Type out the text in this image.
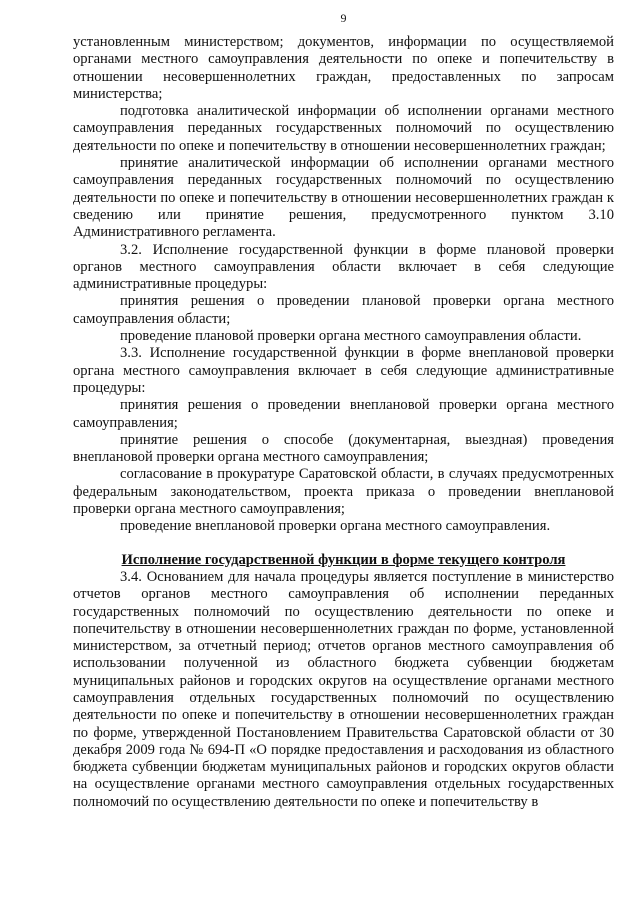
9

установленным министерством; документов, информации по осуществляемой органами местного самоуправления деятельности по опеке и попечительству в отношении несовершеннолетних граждан, предоставленных по запросам министерства;

подготовка аналитической информации об исполнении органами местного самоуправления переданных государственных полномочий по осуществлению деятельности по опеке и попечительству в отношении несовершеннолетних граждан;

принятие аналитической информации об исполнении органами местного самоуправления переданных государственных полномочий по осуществлению деятельности по опеке и попечительству в отношении несовершеннолетних граждан к сведению или принятие решения, предусмотренного пунктом 3.10 Административного регламента.

3.2. Исполнение государственной функции в форме плановой проверки органов местного самоуправления области включает в себя следующие административные процедуры:

принятия решения о проведении плановой проверки органа местного самоуправления области;

проведение плановой проверки органа местного самоуправления области.

3.3. Исполнение государственной функции в форме внеплановой проверки органа местного самоуправления включает в себя следующие административные процедуры:

принятия решения о проведении внеплановой проверки органа местного самоуправления;

принятие решения о способе (документарная, выездная) проведения внеплановой проверки органа местного самоуправления;

согласование в прокуратуре Саратовской области, в случаях предусмотренных федеральным законодательством, проекта приказа о проведении внеплановой проверки органа местного самоуправления;

проведение внеплановой проверки органа местного самоуправления.

Исполнение государственной функции в форме текущего контроля

3.4. Основанием для начала процедуры является поступление в министерство отчетов органов местного самоуправления об исполнении переданных государственных полномочий по осуществлению деятельности по опеке и попечительству в отношении несовершеннолетних граждан по форме, установленной министерством, за отчетный период; отчетов органов местного самоуправления об использовании полученной из областного бюджета субвенции бюджетам муниципальных районов и городских округов на осуществление органами местного самоуправления отдельных государственных полномочий по осуществлению деятельности по опеке и попечительству в отношении несовершеннолетних граждан по форме, утвержденной Постановлением Правительства Саратовской области от 30 декабря 2009 года № 694-П «О порядке предоставления и расходования из областного бюджета субвенции бюджетам муниципальных районов и городских округов области на осуществление органами местного самоуправления отдельных государственных полномочий по осуществлению деятельности по опеке и попечительству в
